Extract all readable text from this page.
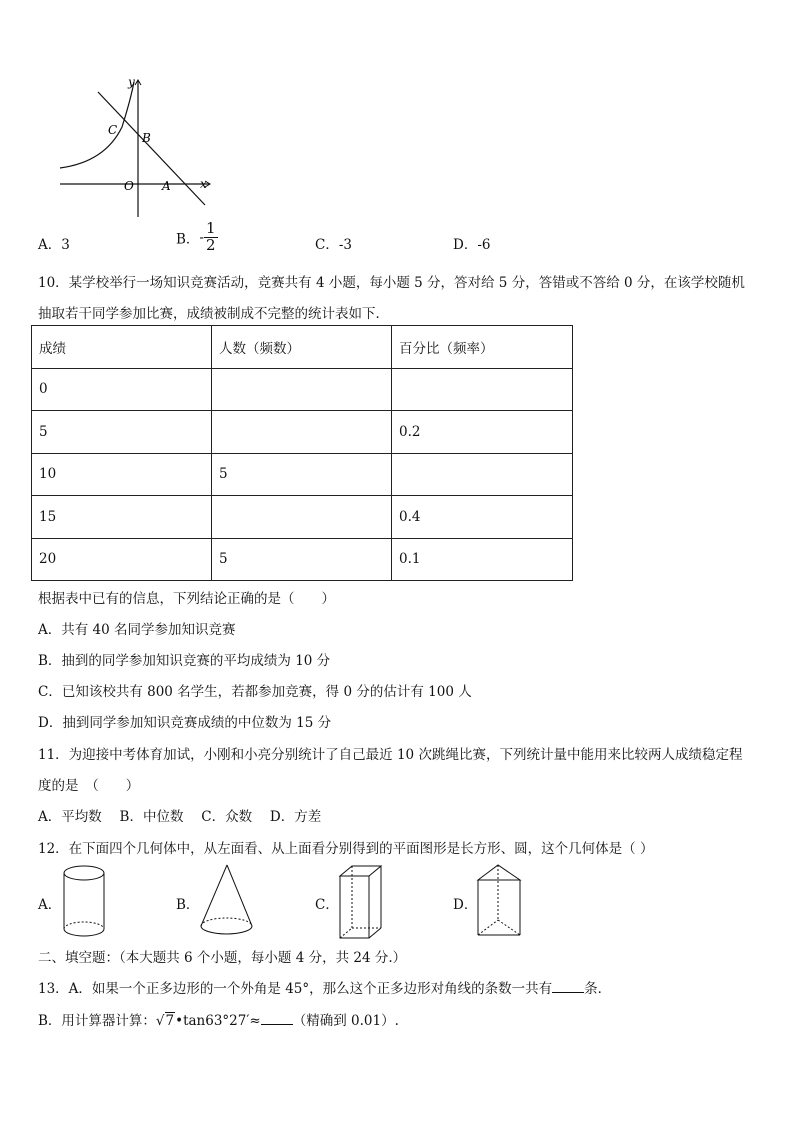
y
x
C
B
O A
A．3	B．- $\frac{1}{2}$	C．-3	D．-6
10．某学校举行一场知识竞赛活动，竞赛共有 4 小题，每小题 5 分，答对给 5 分，答错或不答给 0 分，在该学校随机
抽取若干同学参加比赛，成绩被制成不完整的统计表如下．
成绩	人数（频数）	百分比（频率）
0		
5		0.2
10	5	
15		0.4
20	5	0.1
根据表中已有的信息，下列结论正确的是（　　）
A．共有 40 名同学参加知识竞赛
B．抽到的同学参加知识竞赛的平均成绩为 10 分
C．已知该校共有 800 名学生，若都参加竞赛，得 0 分的估计有 100 人
D．抽到同学参加知识竞赛成绩的中位数为 15 分
11．为迎接中考体育加试，小刚和小亮分别统计了自己最近 10 次跳绳比赛，下列统计量中能用来比较两人成绩稳定程
度的是　（　　）
A．平均数　 B．中位数　 C．众数　 D．方差
12．在下面四个几何体中，从左面看、从上面看分别得到的平面图形是长方形、圆，这个几何体是（ ）
A．	B．	C．	D．
二、填空题：（本大题共 6 个小题，每小题 4 分，共 24 分.）
13．A．如果一个正多边形的一个外角是 45°，那么这个正多边形对角线的条数一共有 条．
B．用计算器计算：√7•tan63°27′≈ （精确到 0.01）.
